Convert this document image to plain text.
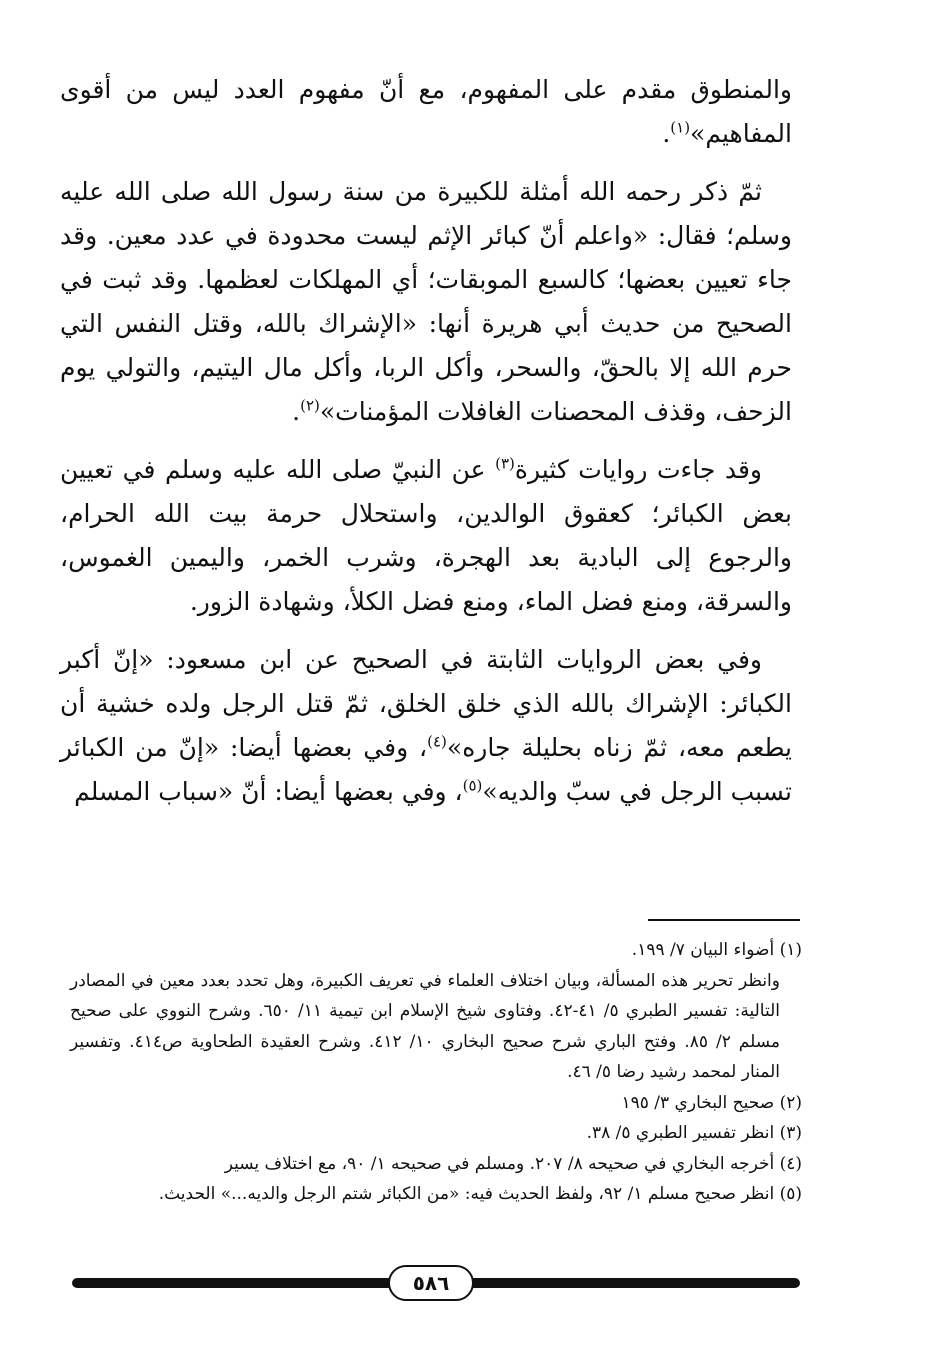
والمنطوق مقدم على المفهوم، مع أنّ مفهوم العدد ليس من أقوى المفاهيم»$^{(١)}$.

ثمّ ذكر رحمه الله أمثلة للكبيرة من سنة رسول الله صلى الله عليه وسلم؛ فقال: «واعلم أنّ كبائر الإثم ليست محدودة في عدد معين. وقد جاء تعيين بعضها؛ كالسبع الموبقات؛ أي المهلكات لعظمها. وقد ثبت في الصحيح من حديث أبي هريرة أنها: «الإشراك بالله، وقتل النفس التي حرم الله إلا بالحقّ، والسحر، وأكل الربا، وأكل مال اليتيم، والتولي يوم الزحف، وقذف المحصنات الغافلات المؤمنات»$^{(٢)}$.

وقد جاءت روايات كثيرة$^{(٣)}$ عن النبيّ صلى الله عليه وسلم في تعيين بعض الكبائر؛ كعقوق الوالدين، واستحلال حرمة بيت الله الحرام، والرجوع إلى البادية بعد الهجرة، وشرب الخمر، واليمين الغموس، والسرقة، ومنع فضل الماء، ومنع فضل الكلأ، وشهادة الزور.

وفي بعض الروايات الثابتة في الصحيح عن ابن مسعود: «إنّ أكبر الكبائر: الإشراك بالله الذي خلق الخلق، ثمّ قتل الرجل ولده خشية أن يطعم معه، ثمّ زناه بحليلة جاره»$^{(٤)}$، وفي بعضها أيضا: «إنّ من الكبائر تسبب الرجل في سبّ والديه»$^{(٥)}$، وفي بعضها أيضا: أنّ «سباب المسلم

(١) أضواء البيان ٧/ ١٩٩.

وانظر تحرير هذه المسألة، وبيان اختلاف العلماء في تعريف الكبيرة، وهل تحدد بعدد معين في المصادر التالية: تفسير الطبري ٥/ ٤١-٤٢. وفتاوى شيخ الإسلام ابن تيمية ١١/ ٦٥٠. وشرح النووي على صحيح مسلم ٢/ ٨٥. وفتح الباري شرح صحيح البخاري ١٠/ ٤١٢. وشرح العقيدة الطحاوية ص٤١٤. وتفسير المنار لمحمد رشيد رضا ٥/ ٤٦.

(٢) صحيح البخاري ٣/ ١٩٥

(٣) انظر تفسير الطبري ٥/ ٣٨.

(٤) أخرجه البخاري في صحيحه ٨/ ٢٠٧. ومسلم في صحيحه ١/ ٩٠، مع اختلاف يسير

(٥) انظر صحيح مسلم ١/ ٩٢، ولفظ الحديث فيه: «من الكبائر شتم الرجل والديه...» الحديث.

٥٨٦
